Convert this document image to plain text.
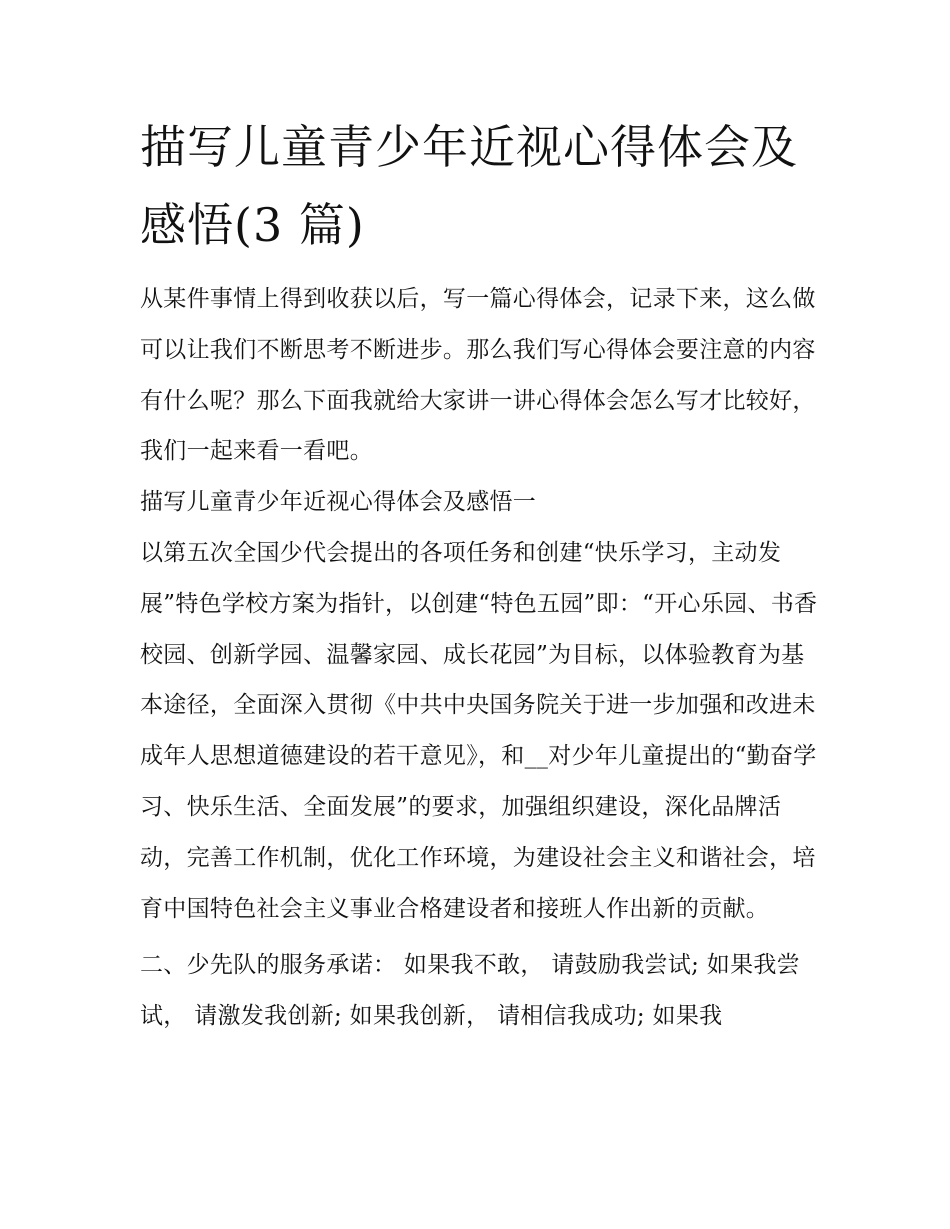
描写儿童青少年近视心得体会及感悟(3 篇)

从某件事情上得到收获以后，写一篇心得体会，记录下来，这么做可以让我们不断思考不断进步。那么我们写心得体会要注意的内容有什么呢？那么下面我就给大家讲一讲心得体会怎么写才比较好，我们一起来看一看吧。

描写儿童青少年近视心得体会及感悟一

以第五次全国少代会提出的各项任务和创建“快乐学习，主动发展”特色学校方案为指针，以创建“特色五园”即：“开心乐园、书香校园、创新学园、温馨家园、成长花园”为目标，以体验教育为基本途径，全面深入贯彻《中共中央国务院关于进一步加强和改进未成年人思想道德建设的若干意见》，和__对少年儿童提出的“勤奋学习、快乐生活、全面发展”的要求，加强组织建设，深化品牌活动，完善工作机制，优化工作环境，为建设社会主义和谐社会，培育中国特色社会主义事业合格建设者和接班人作出新的贡献。

二、少先队的服务承诺： 如果我不敢， 请鼓励我尝试; 如果我尝试， 请激发我创新; 如果我创新， 请相信我成功; 如果我
